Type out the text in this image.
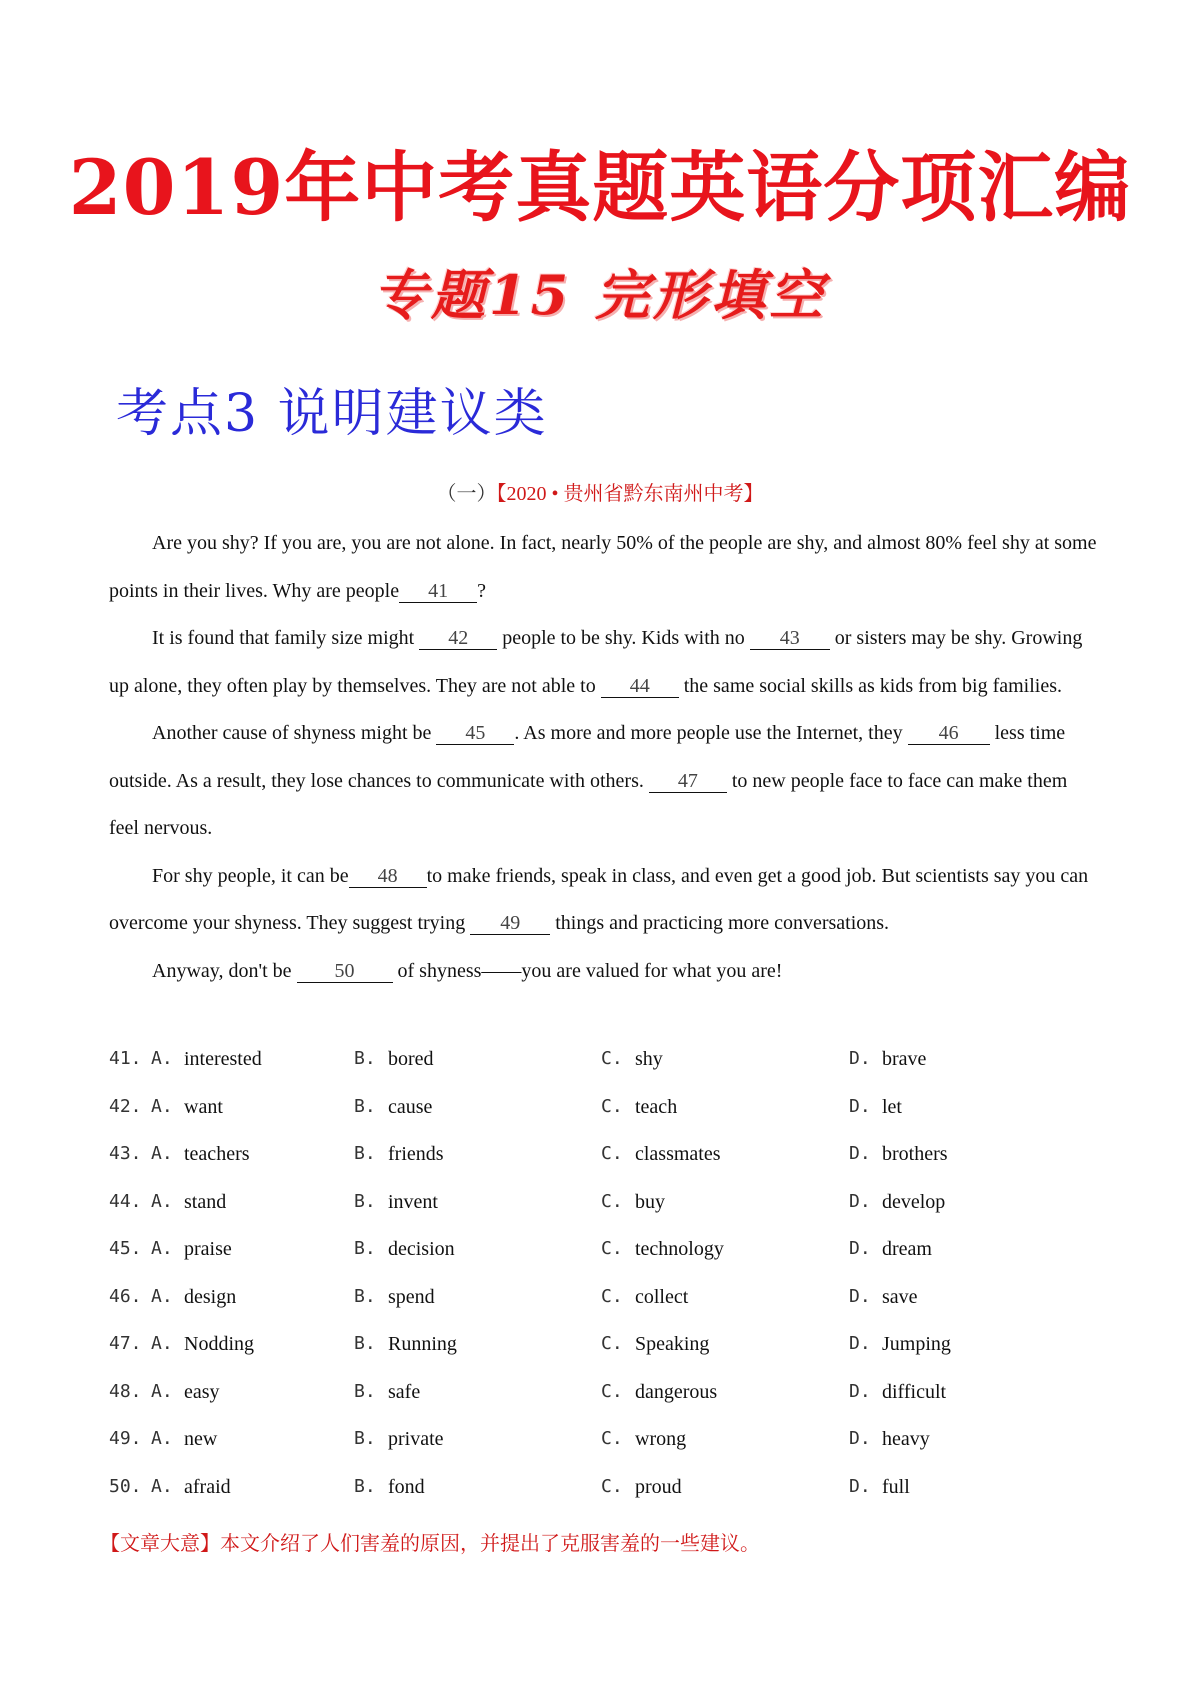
2019年中考真题英语分项汇编
专题15 完形填空
考点3 说明建议类
（一）【2020 • 贵州省黔东南州中考】

Are you shy? If you are, you are not alone. In fact, nearly 50% of the people are shy, and almost 80% feel shy at some points in their lives. Why are people 41 ?

It is found that family size might 42 people to be shy. Kids with no 43 or sisters may be shy. Growing up alone, they often play by themselves. They are not able to 44 the same social skills as kids from big families.

Another cause of shyness might be 45 . As more and more people use the Internet, they 46 less time outside. As a result, they lose chances to communicate with others. 47 to new people face to face can make them feel nervous.

For shy people, it can be 48 to make friends, speak in class, and even get a good job. But scientists say you can overcome your shyness. They suggest trying 49 things and practicing more conversations.

Anyway, don't be 50 of shyness——you are valued for what you are!

41. A. interested	B. bored	C. shy	D. brave
42. A. want	B. cause	C. teach	D. let
43. A. teachers	B. friends	C. classmates	D. brothers
44. A. stand	B. invent	C. buy	D. develop
45. A. praise	B. decision	C. technology	D. dream
46. A. design	B. spend	C. collect	D. save
47. A. Nodding	B. Running	C. Speaking	D. Jumping
48. A. easy	B. safe	C. dangerous	D. difficult
49. A. new	B. private	C. wrong	D. heavy
50. A. afraid	B. fond	C. proud	D. full
【文章大意】本文介绍了人们害羞的原因，并提出了克服害羞的一些建议。
